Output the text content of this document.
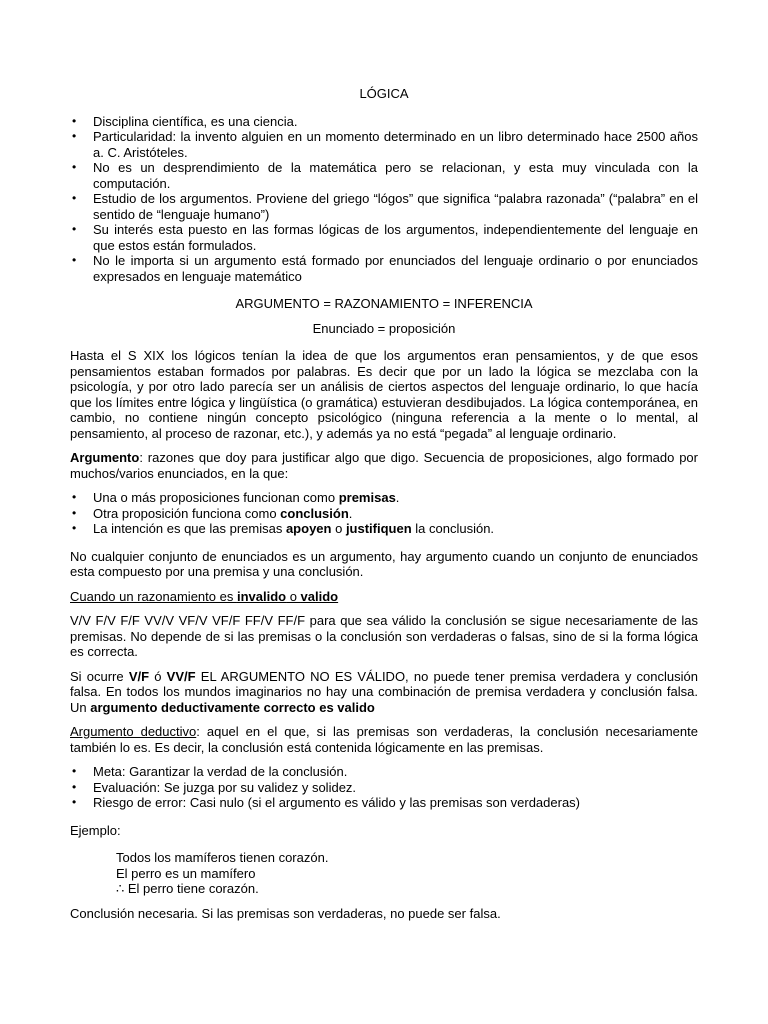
LÓGICA
• Disciplina científica, es una ciencia.
• Particularidad: la invento alguien en un momento determinado en un libro determinado hace 2500 años a. C. Aristóteles.
• No es un desprendimiento de la matemática pero se relacionan, y esta muy vinculada con la computación.
• Estudio de los argumentos. Proviene del griego “lógos” que significa “palabra razonada” (“palabra” en el sentido de “lenguaje humano”)
• Su interés esta puesto en las formas lógicas de los argumentos, independientemente del lenguaje en que estos están formulados.
• No le importa si un argumento está formado por enunciados del lenguaje ordinario o por enunciados expresados en lenguaje matemático

ARGUMENTO = RAZONAMIENTO = INFERENCIA

Enunciado = proposición

Hasta el S XIX los lógicos tenían la idea de que los argumentos eran pensamientos, y de que esos pensamientos estaban formados por palabras. Es decir que por un lado la lógica se mezclaba con la psicología, y por otro lado parecía ser un análisis de ciertos aspectos del lenguaje ordinario, lo que hacía que los límites entre lógica y lingüística (o gramática) estuvieran desdibujados. La lógica contemporánea, en cambio, no contiene ningún concepto psicológico (ninguna referencia a la mente o lo mental, al pensamiento, al proceso de razonar, etc.), y además ya no está “pegada” al lenguaje ordinario.

Argumento: razones que doy para justificar algo que digo. Secuencia de proposiciones, algo formado por muchos/varios enunciados, en la que:

• Una o más proposiciones funcionan como premisas.
• Otra proposición funciona como conclusión.
• La intención es que las premisas apoyen o justifiquen la conclusión.

No cualquier conjunto de enunciados es un argumento, hay argumento cuando un conjunto de enunciados esta compuesto por una premisa y una conclusión.

Cuando un razonamiento es invalido o valido

V/V F/V F/F VV/V VF/V VF/F FF/V FF/F para que sea válido la conclusión se sigue necesariamente de las premisas. No depende de si las premisas o la conclusión son verdaderas o falsas, sino de si la forma lógica es correcta.

Si ocurre V/F ó VV/F EL ARGUMENTO NO ES VÁLIDO, no puede tener premisa verdadera y conclusión falsa. En todos los mundos imaginarios no hay una combinación de premisa verdadera y conclusión falsa. Un argumento deductivamente correcto es valido

Argumento deductivo: aquel en el que, si las premisas son verdaderas, la conclusión necesariamente también lo es. Es decir, la conclusión está contenida lógicamente en las premisas.

• Meta: Garantizar la verdad de la conclusión.
• Evaluación: Se juzga por su validez y solidez.
• Riesgo de error: Casi nulo (si el argumento es válido y las premisas son verdaderas)

Ejemplo:

Todos los mamíferos tienen corazón.
El perro es un mamífero
∴ El perro tiene corazón.

Conclusión necesaria. Si las premisas son verdaderas, no puede ser falsa.
